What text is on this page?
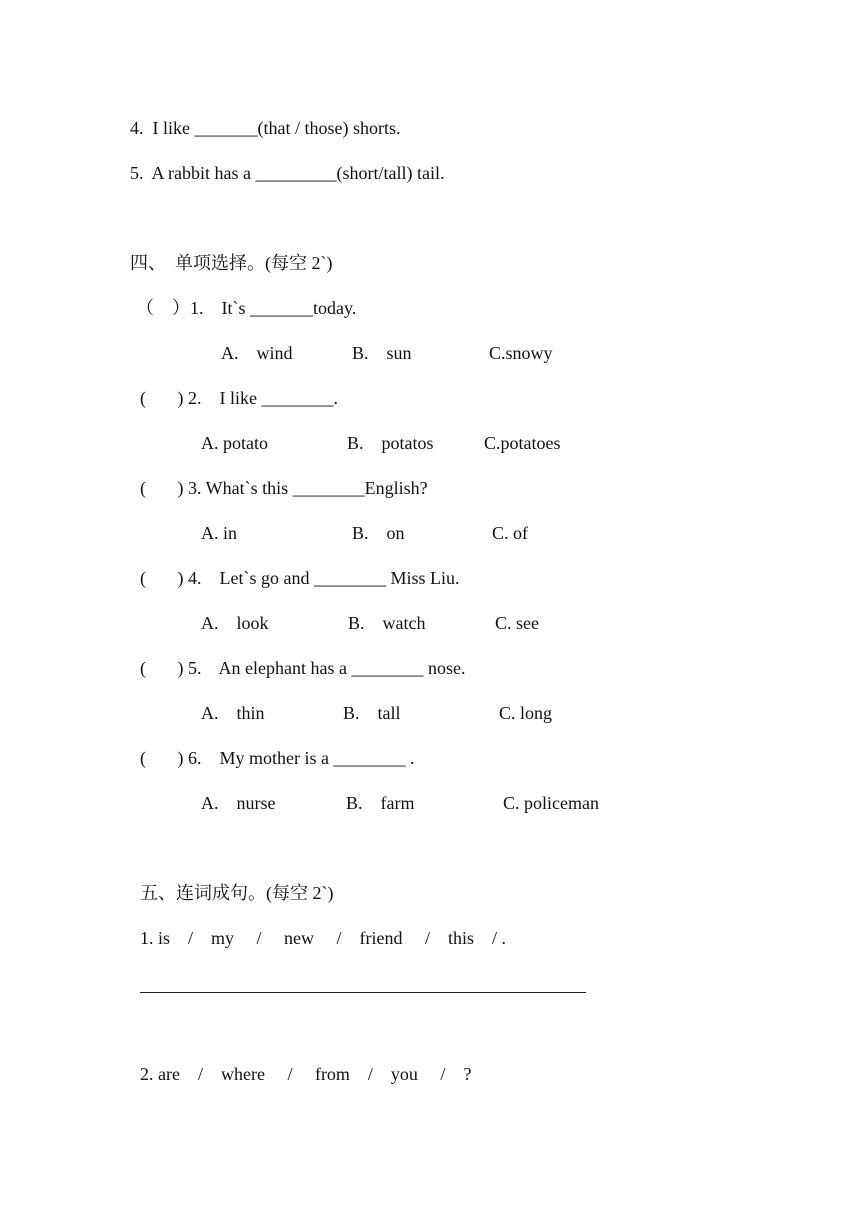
4.  I like _______(that / those) shorts.
5.  A rabbit has a _________(short/tall) tail.
四、  单项选择。(每空 2`)
（    ）1.    It`s _______today.
A.    wind	B.    sun	C.snowy
(       ) 2.    I like ________.
A. potato	B.    potatos	C.potatoes
(       ) 3. What`s this ________English?
A. in	B.    on	C. of
(       ) 4.    Let`s go and ________ Miss Liu.
A.    look	B.    watch	C. see
(       ) 5.    An elephant has a ________ nose.
A.    thin	B.    tall	C. long
(       ) 6.    My mother is a ________ .
A.    nurse	B.    farm	C. policeman
五、连词成句。(每空 2`)
1. is    /    my     /     new     /    friend     /    this    / .
2. are    /    where     /     from    /    you     /    ?
